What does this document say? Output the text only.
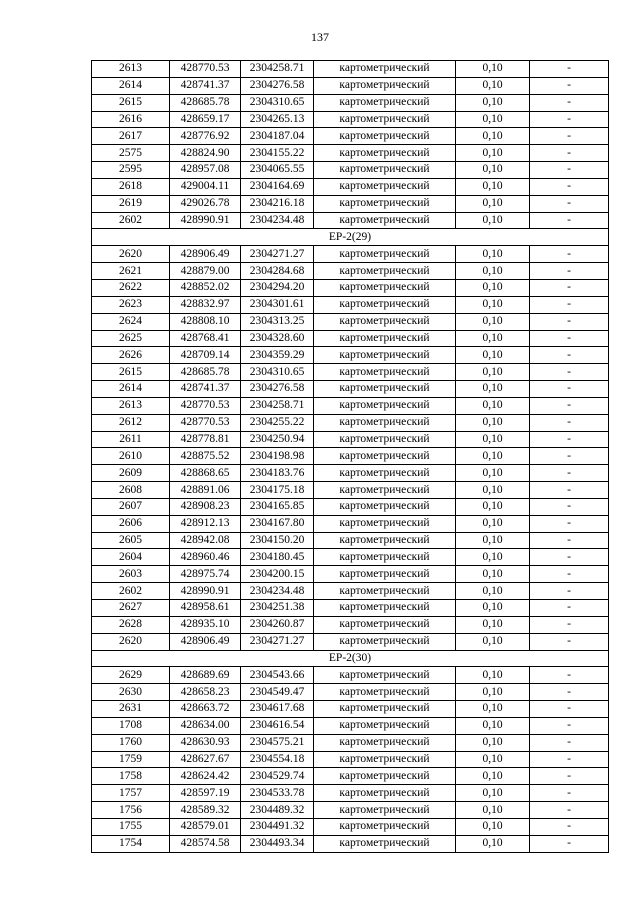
137
2613	428770.53	2304258.71	картометрический	0,10	-
2614	428741.37	2304276.58	картометрический	0,10	-
2615	428685.78	2304310.65	картометрический	0,10	-
2616	428659.17	2304265.13	картометрический	0,10	-
2617	428776.92	2304187.04	картометрический	0,10	-
2575	428824.90	2304155.22	картометрический	0,10	-
2595	428957.08	2304065.55	картометрический	0,10	-
2618	429004.11	2304164.69	картометрический	0,10	-
2619	429026.78	2304216.18	картометрический	0,10	-
2602	428990.91	2304234.48	картометрический	0,10	-
ЕР-2(29)					
2620	428906.49	2304271.27	картометрический	0,10	-
2621	428879.00	2304284.68	картометрический	0,10	-
2622	428852.02	2304294.20	картометрический	0,10	-
2623	428832.97	2304301.61	картометрический	0,10	-
2624	428808.10	2304313.25	картометрический	0,10	-
2625	428768.41	2304328.60	картометрический	0,10	-
2626	428709.14	2304359.29	картометрический	0,10	-
2615	428685.78	2304310.65	картометрический	0,10	-
2614	428741.37	2304276.58	картометрический	0,10	-
2613	428770.53	2304258.71	картометрический	0,10	-
2612	428770.53	2304255.22	картометрический	0,10	-
2611	428778.81	2304250.94	картометрический	0,10	-
2610	428875.52	2304198.98	картометрический	0,10	-
2609	428868.65	2304183.76	картометрический	0,10	-
2608	428891.06	2304175.18	картометрический	0,10	-
2607	428908.23	2304165.85	картометрический	0,10	-
2606	428912.13	2304167.80	картометрический	0,10	-
2605	428942.08	2304150.20	картометрический	0,10	-
2604	428960.46	2304180.45	картометрический	0,10	-
2603	428975.74	2304200.15	картометрический	0,10	-
2602	428990.91	2304234.48	картометрический	0,10	-
2627	428958.61	2304251.38	картометрический	0,10	-
2628	428935.10	2304260.87	картометрический	0,10	-
2620	428906.49	2304271.27	картометрический	0,10	-
ЕР-2(30)					
2629	428689.69	2304543.66	картометрический	0,10	-
2630	428658.23	2304549.47	картометрический	0,10	-
2631	428663.72	2304617.68	картометрический	0,10	-
1708	428634.00	2304616.54	картометрический	0,10	-
1760	428630.93	2304575.21	картометрический	0,10	-
1759	428627.67	2304554.18	картометрический	0,10	-
1758	428624.42	2304529.74	картометрический	0,10	-
1757	428597.19	2304533.78	картометрический	0,10	-
1756	428589.32	2304489.32	картометрический	0,10	-
1755	428579.01	2304491.32	картометрический	0,10	-
1754	428574.58	2304493.34	картометрический	0,10	-
